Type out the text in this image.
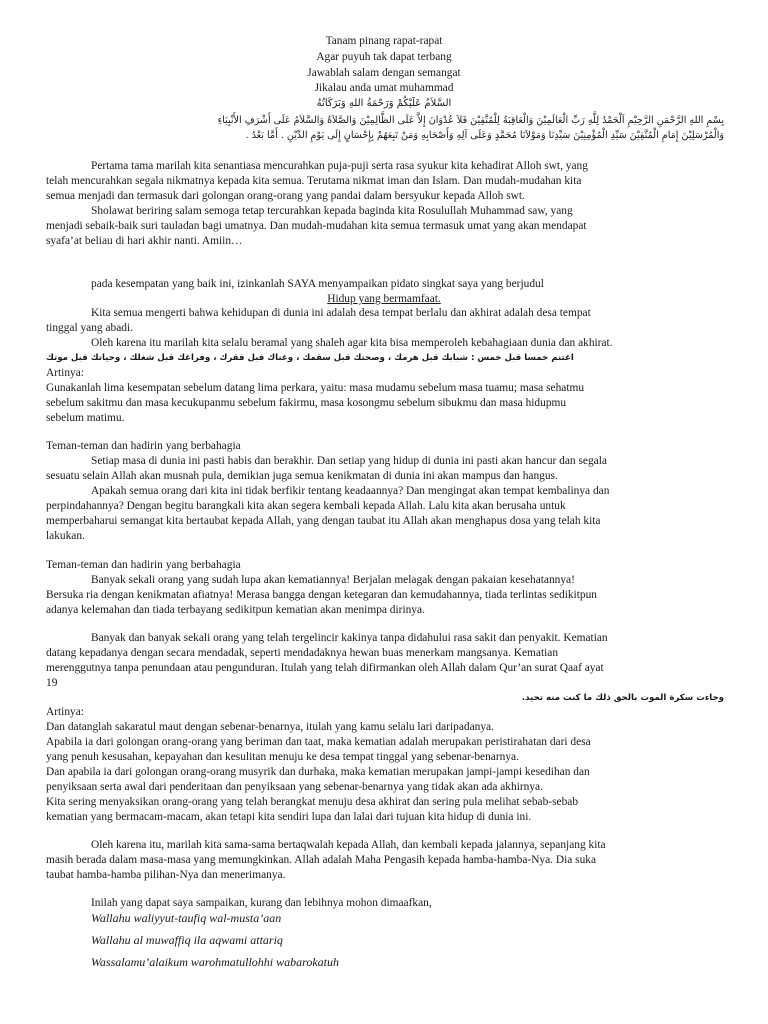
Tanam pinang rapat-rapat
Agar puyuh tak dapat terbang
Jawablah salam dengan semangat
Jikalau anda umat muhammad
السَّلاَمُ عَلَيْكُمْ وَرَحْمَةُ اللهِ وَبَرَكَاتُهُ
بِسْمِ اللهِ الرَّحْمَنِ الرَّحِيْمِ اَلْحَمْدُ لِلَّهِ رَبِّ الْعَالَمِيْنَ وَالْعَاقِبَةُ لِلْمُتَّقِيْنَ فَلاَ عُدْوَانَ إِلاَّ عَلَى الظَّالِمِيْنَ وَالصَّلاَةُ وَالسَّلاَمُ عَلَى أَشْرَفِ الأَنْبِيَاءِ
وَالْمُرْسَلِيْنَ إِمَامِ الْمُتَّقِيْنَ سَيِّدِ الْمُؤْمِنِيْنَ سَيِّدِنَا وَمَوْلاَنَا مُحَمَّدٍ وَعَلَى آلِهِ وَأَصْحَابِهِ وَمَنْ تَبِعَهُمْ بِإِحْسَانٍ إِلَى يَوْمِ الدِّيْنِ . أَمَّا بَعْدُ .
Pertama tama marilah kita senantiasa mencurahkan puja-puji serta rasa syukur kita kehadirat Alloh swt, yang
telah mencurahkan segala nikmatnya kepada kita semua. Terutama nikmat iman dan Islam. Dan mudah-mudahan kita
semua menjadi dan termasuk dari golongan orang-orang yang pandai dalam bersyukur kepada Alloh swt.
Sholawat beriring salam semoga tetap tercurahkan kepada baginda kita Rosulullah Muhammad saw, yang
menjadi sebaik-baik suri tauladan bagi umatnya. Dan mudah-mudahan kita semua termasuk umat yang akan mendapat
syafa’at beliau di hari akhir nanti. Amiin…
pada kesempatan yang baik ini, izinkanlah SAYA menyampaikan pidato singkat saya yang berjudul
Hidup yang bermamfaat.
Kita semua mengerti bahwa kehidupan di dunia ini adalah desa tempat berlalu dan akhirat adalah desa tempat
tinggal yang abadi.
Oleh karena itu marilah kita selalu beramal yang shaleh agar kita bisa memperoleh kebahagiaan dunia dan akhirat.
اغتنم خمسا قبل خمس : شبابك قبل هرمك ، وصحتك قبل سقمك ، وغناك قبل فقرك ، وفراغك قبل شغلك ، وحياتك قبل موتك
Artinya:
Gunakanlah lima kesempatan sebelum datang lima perkara, yaitu: masa mudamu sebelum masa tuamu; masa sehatmu
sebelum sakitmu dan masa kecukupanmu sebelum fakirmu, masa kosongmu sebelum sibukmu dan masa hidupmu
sebelum matimu.
Teman-teman dan hadirin yang berbahagia
Setiap masa di dunia ini pasti habis dan berakhir. Dan setiap yang hidup di dunia ini pasti akan hancur dan segala
sesuatu selain Allah akan musnah pula, demikian juga semua kenikmatan di dunia ini akan mampus dan hangus.
Apakah semua orang dari kita ini tidak berfikir tentang keadaannya? Dan mengingat akan tempat kembalinya dan
perpindahannya? Dengan begitu barangkali kita akan segera kembali kepada Allah. Lalu kita akan berusaha untuk
memperbaharui semangat kita bertaubat kepada Allah, yang dengan taubat itu Allah akan menghapus dosa yang telah kita
lakukan.
Teman-teman dan hadirin yang berbahagia
Banyak sekali orang yang sudah lupa akan kematiannya! Berjalan melagak dengan pakaian kesehatannya!
Bersuka ria dengan kenikmatan afiatnya! Merasa bangga dengan ketegaran dan kemudahannya, tiada terlintas sedikitpun
adanya kelemahan dan tiada terbayang sedikitpun kematian akan menimpa dirinya.
Banyak dan banyak sekali orang yang telah tergelincir kakinya tanpa didahului rasa sakit dan penyakit. Kematian
datang kepadanya dengan secara mendadak, seperti mendadaknya hewan buas menerkam mangsanya. Kematian
merenggutnya tanpa penundaan atau pengunduran. Itulah yang telah difirmankan oleh Allah dalam Qur’an surat Qaaf ayat
19
وجاءت سكرة الموت بالحق ذلك ما كنت منه تحيد.
Artinya:
Dan datanglah sakaratul maut dengan sebenar-benarnya, itulah yang kamu selalu lari daripadanya.
Apabila ia dari golongan orang-orang yang beriman dan taat, maka kematian adalah merupakan peristirahatan dari desa
yang penuh kesusahan, kepayahan dan kesulitan menuju ke desa tempat tinggal yang sebenar-benarnya.
Dan apabila ia dari golongan orang-orang musyrik dan durhaka, maka kematian merupakan jampi-jampi kesedihan dan
penyiksaan serta awal dari penderitaan dan penyiksaan yang sebenar-benarnya yang tidak akan ada akhirnya.
Kita sering menyaksikan orang-orang yang telah berangkat menuju desa akhirat dan sering pula melihat sebab-sebab
kematian yang bermacam-macam, akan tetapi kita sendiri lupa dan lalai dari tujuan kita hidup di dunia ini.
Oleh karena itu, marilah kita sama-sama bertaqwalah kepada Allah, dan kembali kepada jalannya, sepanjang kita
masih berada dalam masa-masa yang memungkinkan. Allah adalah Maha Pengasih kepada hamba-hamba-Nya. Dia suka
taubat hamba-hamba pilihan-Nya dan menerimanya.
Inilah yang dapat saya sampaikan, kurang dan lebihnya mohon dimaafkan,
Wallahu waliyyut-taufiq wal-musta’aan
Wallahu al muwaffiq ila aqwami attariq
Wassalamu’alaikum warohmatullohhi wabarokatuh
